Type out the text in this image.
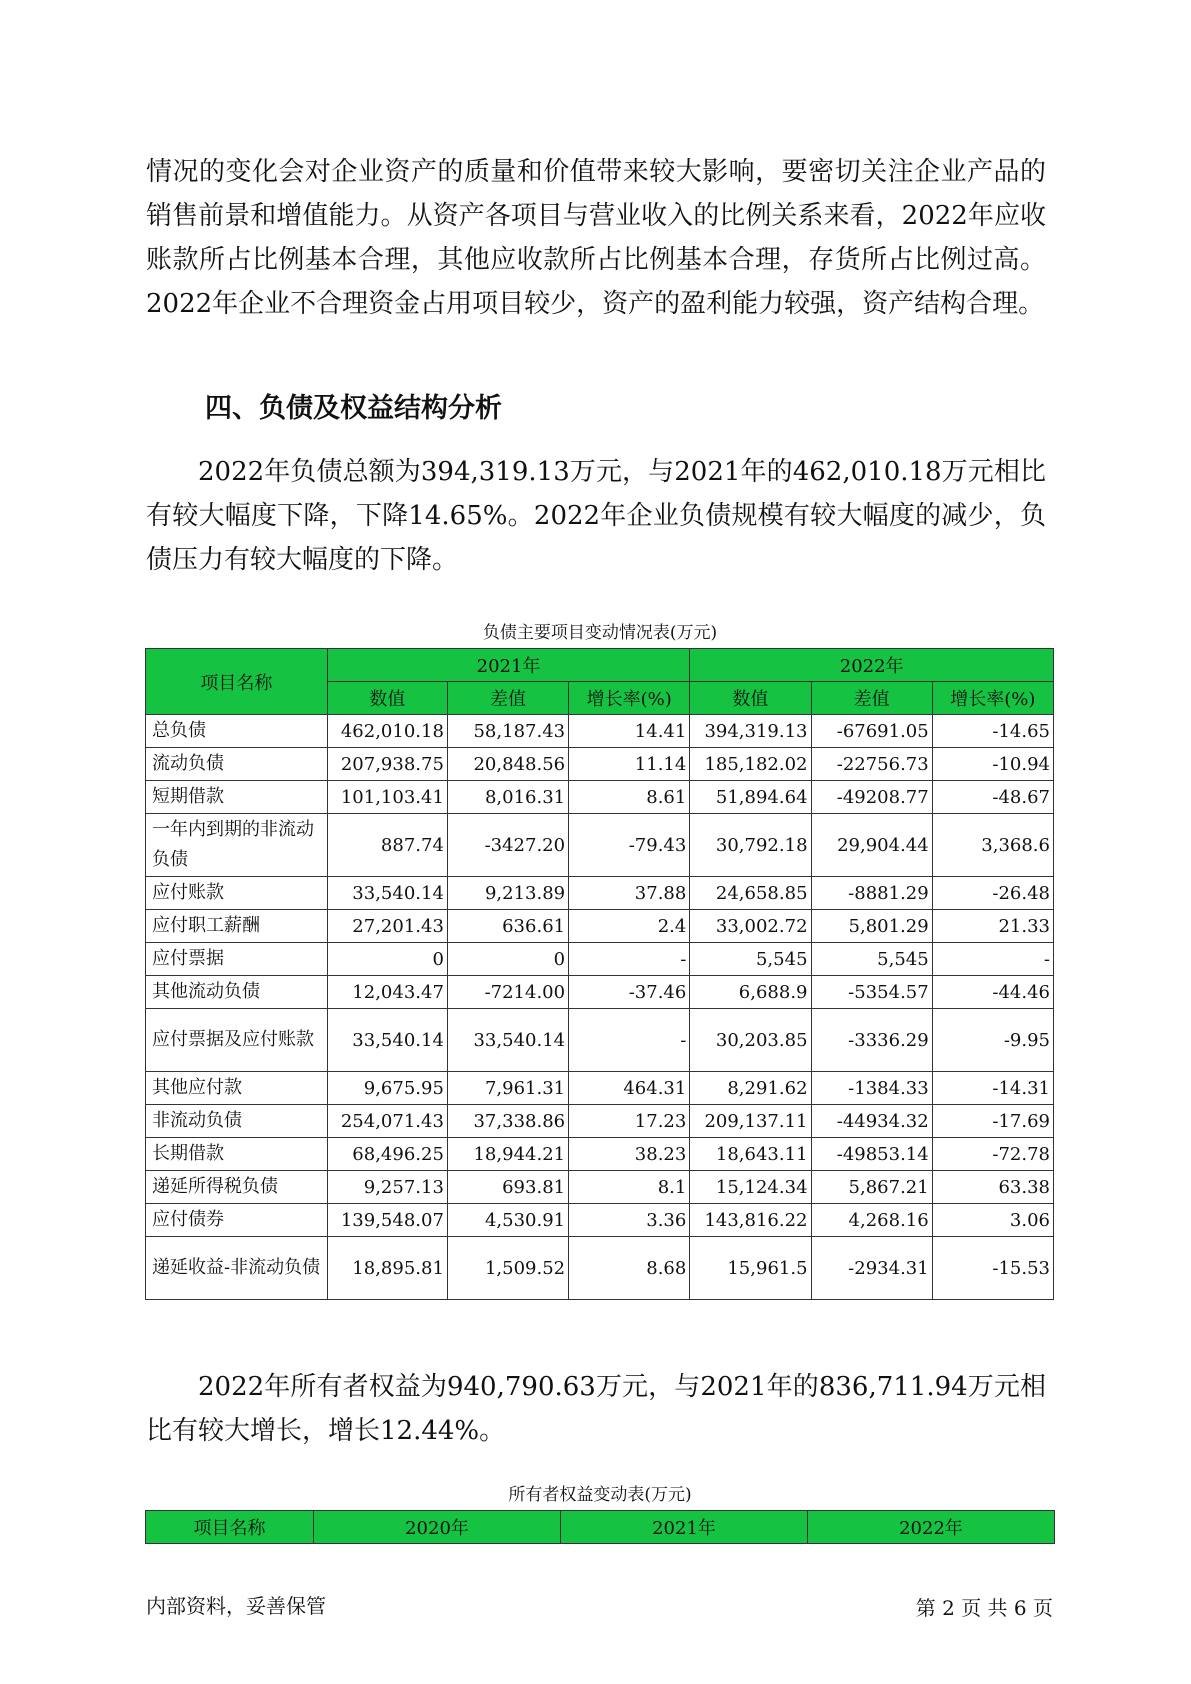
情况的变化会对企业资产的质量和价值带来较大影响，要密切关注企业产品的销售前景和增值能力。从资产各项目与营业收入的比例关系来看，2022年应收账款所占比例基本合理，其他应收款所占比例基本合理，存货所占比例过高。2022年企业不合理资金占用项目较少，资产的盈利能力较强，资产结构合理。

四、负债及权益结构分析

2022年负债总额为394,319.13万元，与2021年的462,010.18万元相比有较大幅度下降，下降14.65%。2022年企业负债规模有较大幅度的减少，负债压力有较大幅度的下降。

负债主要项目变动情况表(万元)
项目名称	2021年			2022年		
	数值	差值	增长率(%)	数值	差值	增长率(%)
总负债	462,010.18	58,187.43	14.41	394,319.13	-67691.05	-14.65
流动负债	207,938.75	20,848.56	11.14	185,182.02	-22756.73	-10.94
短期借款	101,103.41	8,016.31	8.61	51,894.64	-49208.77	-48.67
一年内到期的非流动负债	887.74	-3427.20	-79.43	30,792.18	29,904.44	3,368.6
应付账款	33,540.14	9,213.89	37.88	24,658.85	-8881.29	-26.48
应付职工薪酬	27,201.43	636.61	2.4	33,002.72	5,801.29	21.33
应付票据	0	0	-	5,545	5,545	-
其他流动负债	12,043.47	-7214.00	-37.46	6,688.9	-5354.57	-44.46
应付票据及应付账款	33,540.14	33,540.14	-	30,203.85	-3336.29	-9.95
其他应付款	9,675.95	7,961.31	464.31	8,291.62	-1384.33	-14.31
非流动负债	254,071.43	37,338.86	17.23	209,137.11	-44934.32	-17.69
长期借款	68,496.25	18,944.21	38.23	18,643.11	-49853.14	-72.78
递延所得税负债	9,257.13	693.81	8.1	15,124.34	5,867.21	63.38
应付债券	139,548.07	4,530.91	3.36	143,816.22	4,268.16	3.06
递延收益-非流动负债	18,895.81	1,509.52	8.68	15,961.5	-2934.31	-15.53

2022年所有者权益为940,790.63万元，与2021年的836,711.94万元相比有较大增长，增长12.44%。

所有者权益变动表(万元)
项目名称	2020年	2021年	2022年
内部资料，妥善保管	第 2 页 共 6 页
